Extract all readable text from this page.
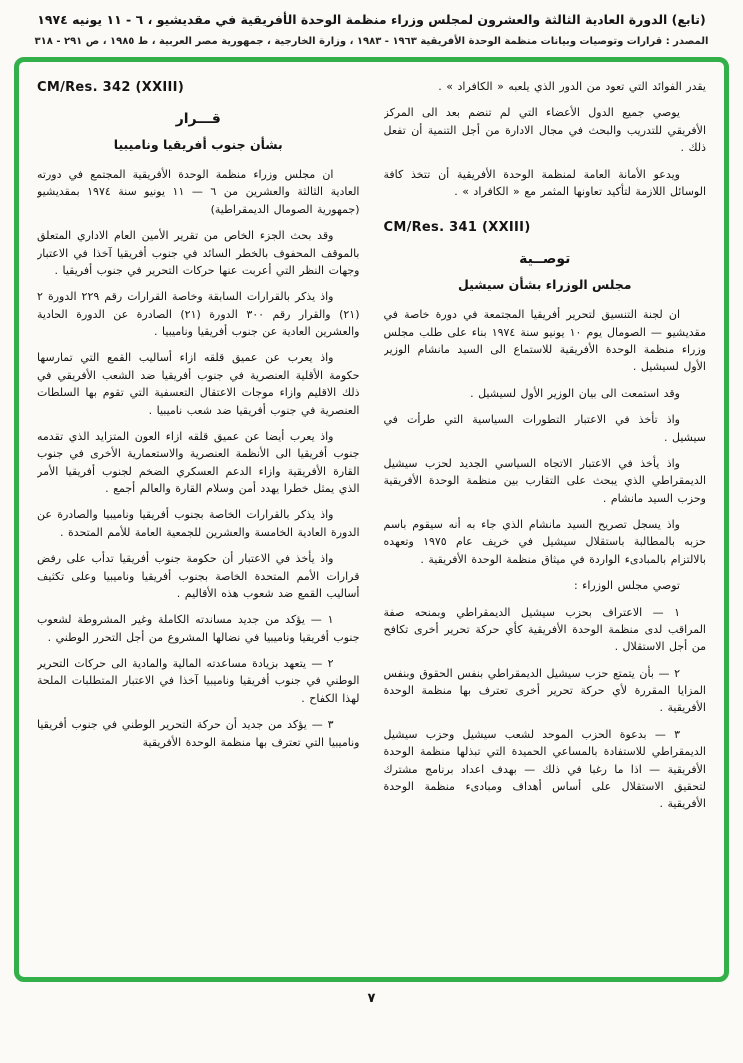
(تابع) الدورة العادية الثالثة والعشرون لمجلس وزراء منظمة الوحدة الأفريقية في مقديشيو ، ٦ - ١١ يونيه ١٩٧٤
المصدر : قرارات وتوصيات وبيانات منظمة الوحدة الأفريقية ١٩٦٣ - ١٩٨٣ ، وزارة الخارجية ، جمهورية مصر العربية ، ط ١٩٨٥ ، ص ٢٩١ - ٣١٨
CM/Res. 342 (XXIII)
قـــرار
بشأن جنوب أفريقيا وناميبيا

ان مجلس وزراء منظمة الوحدة الأفريقية المجتمع في دورته العادية الثالثة والعشرين من ٦ — ١١ يونيو سنة ١٩٧٤ بمقديشيو (جمهورية الصومال الديمقراطية)

وقد بحث الجزء الخاص من تقرير الأمين العام الاداري المتعلق بالموقف المحفوف بالخطر السائد في جنوب أفريقيا آخذا في الاعتبار وجهات النظر التي أعربت عنها حركات التحرير في جنوب أفريقيا .

واذ يذكر بالقرارات السابقة وخاصة القرارات رقم ٢٢٩ الدورة ٢ (٢١) والقرار رقم ٣٠٠ الدورة (٢١) الصادرة عن الدورة الحادية والعشرين العادية عن جنوب أفريقيا وناميبيا .

واذ يعرب عن عميق قلقه ازاء أساليب القمع التي تمارسها حكومة الأقلية العنصرية في جنوب أفريقيا ضد الشعب الأفريقي في ذلك الاقليم وازاء موجات الاعتقال التعسفية التي تقوم بها السلطات العنصرية في جنوب أفريقيا ضد شعب ناميبيا .

واذ يعرب أيضا عن عميق قلقه ازاء العون المتزايد الذي تقدمه جنوب أفريقيا الى الأنظمة العنصرية والاستعمارية الأخرى في جنوب القارة الأفريقية وازاء الدعم العسكري الضخم لجنوب أفريقيا الأمر الذي يمثل خطرا يهدد أمن وسلام القارة والعالم أجمع .

واذ يذكر بالقرارات الخاصة بجنوب أفريقيا وناميبيا والصادرة عن الدورة العادية الخامسة والعشرين للجمعية العامة للأمم المتحدة .

واذ يأخذ في الاعتبار أن حكومة جنوب أفريقيا تدأب على رفض قرارات الأمم المتحدة الخاصة بجنوب أفريقيا وناميبيا وعلى تكثيف أساليب القمع ضد شعوب هذه الأقاليم .

١ — يؤكد من جديد مساندته الكاملة وغير المشروطة لشعوب جنوب أفريقيا وناميبيا في نضالها المشروع من أجل التحرر الوطني .

٢ — يتعهد بزيادة مساعدته المالية والمادية الى حركات التحرير الوطني في جنوب أفريقيا وناميبيا آخذا في الاعتبار المتطلبات الملحة لهذا الكفاح .

٣ — يؤكد من جديد أن حركة التحرير الوطني في جنوب أفريقيا وناميبيا التي تعترف بها منظمة الوحدة الأفريقية

يقدر الفوائد التي تعود من الدور الذي يلعبه « الكافراد » .

يوصي جميع الدول الأعضاء التي لم تنضم بعد الى المركز الأفريقي للتدريب والبحث في مجال الادارة من أجل التنمية أن تفعل ذلك .

ويدعو الأمانة العامة لمنظمة الوحدة الأفريقية أن تتخذ كافة الوسائل اللازمة لتأكيد تعاونها المثمر مع « الكافراد » .

CM/Res. 341 (XXIII)
توصــية
مجلس الوزراء بشأن سيشيل

ان لجنة التنسيق لتحرير أفريقيا المجتمعة في دورة خاصة في مقديشيو — الصومال يوم ١٠ يونيو سنة ١٩٧٤ بناء على طلب مجلس وزراء منظمة الوحدة الأفريقية للاستماع الى السيد مانشام الوزير الأول لسيشيل .

وقد استمعت الى بيان الوزير الأول لسيشيل .

واذ تأخذ في الاعتبار التطورات السياسية التي طرأت في سيشيل .

واذ يأخذ في الاعتبار الاتجاه السياسي الجديد لحزب سيشيل الديمقراطي الذي يبحث على التقارب بين منظمة الوحدة الأفريقية وحزب السيد مانشام .

واذ يسجل تصريح السيد مانشام الذي جاء به أنه سيقوم باسم حزبه بالمطالبة باستقلال سيشيل في خريف عام ١٩٧٥ وتعهده بالالتزام بالمبادىء الواردة في ميثاق منظمة الوحدة الأفريقية .

توصي مجلس الوزراء :

١ — الاعتراف بحزب سيشيل الديمقراطي وبمنحه صفة المراقب لدى منظمة الوحدة الأفريقية كأي حركة تحرير أخرى تكافح من أجل الاستقلال .

٢ — بأن يتمتع حزب سيشيل الديمقراطي بنفس الحقوق وبنفس المزايا المقررة لأي حركة تحرير أخرى تعترف بها منظمة الوحدة الأفريقية .

٣ — بدعوة الحزب الموحد لشعب سيشيل وحزب سيشيل الديمقراطي للاستفادة بالمساعي الحميدة التي تبذلها منظمة الوحدة الأفريقية — اذا ما رغبا في ذلك — بهدف اعداد برنامج مشترك لتحقيق الاستقلال على أساس أهداف ومبادىء منظمة الوحدة الأفريقية .

٧
